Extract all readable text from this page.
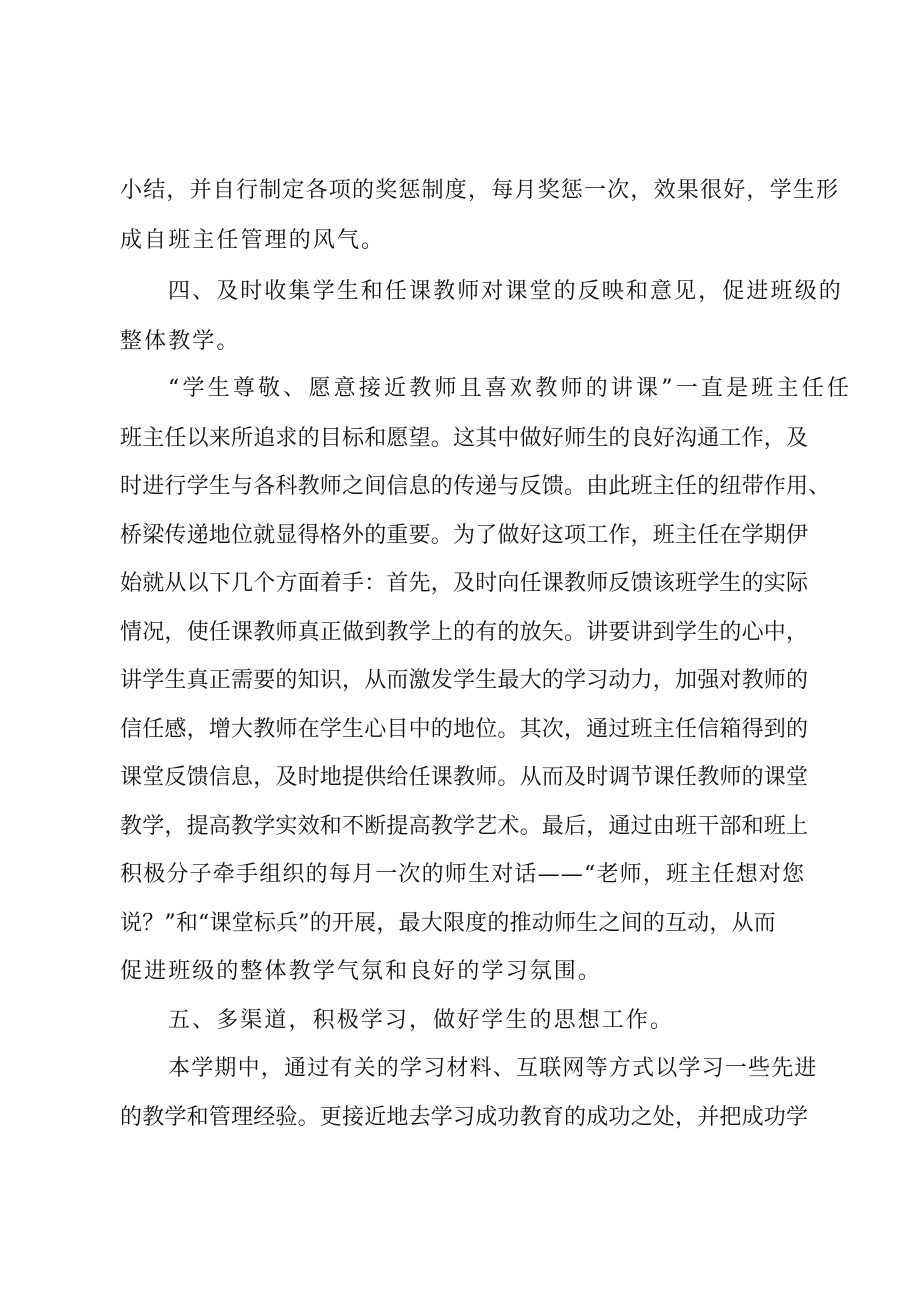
小结，并自行制定各项的奖惩制度，每月奖惩一次，效果很好，学生形
成自班主任管理的风气。
四、及时收集学生和任课教师对课堂的反映和意见，促进班级的
整体教学。
“学生尊敬、愿意接近教师且喜欢教师的讲课”一直是班主任任
班主任以来所追求的目标和愿望。这其中做好师生的良好沟通工作，及
时进行学生与各科教师之间信息的传递与反馈。由此班主任的纽带作用、
桥梁传递地位就显得格外的重要。为了做好这项工作，班主任在学期伊
始就从以下几个方面着手：首先，及时向任课教师反馈该班学生的实际
情况，使任课教师真正做到教学上的有的放矢。讲要讲到学生的心中，
讲学生真正需要的知识，从而激发学生最大的学习动力，加强对教师的
信任感，增大教师在学生心目中的地位。其次，通过班主任信箱得到的
课堂反馈信息，及时地提供给任课教师。从而及时调节课任教师的课堂
教学，提高教学实效和不断提高教学艺术。最后，通过由班干部和班上
积极分子牵手组织的每月一次的师生对话——“老师，班主任想对您
说？”和“课堂标兵”的开展，最大限度的推动师生之间的互动，从而
促进班级的整体教学气氛和良好的学习氛围。
五、多渠道，积极学习，做好学生的思想工作。
本学期中，通过有关的学习材料、互联网等方式以学习一些先进
的教学和管理经验。更接近地去学习成功教育的成功之处，并把成功学
